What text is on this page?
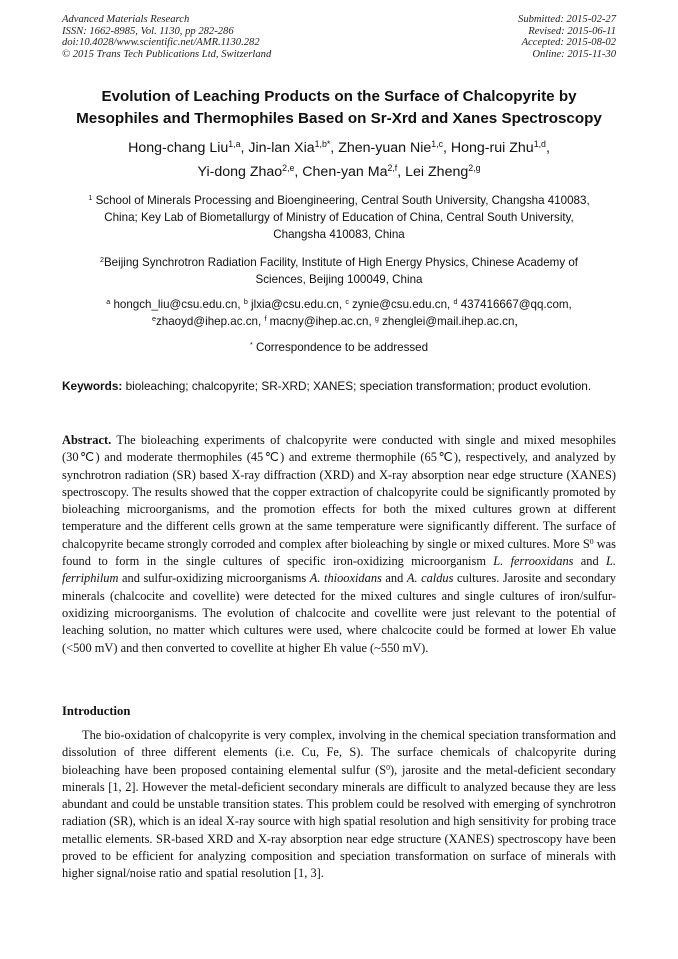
Advanced Materials Research
ISSN: 1662-8985, Vol. 1130, pp 282-286
doi:10.4028/www.scientific.net/AMR.1130.282
© 2015 Trans Tech Publications Ltd, Switzerland
Submitted: 2015-02-27
Revised: 2015-06-11
Accepted: 2015-08-02
Online: 2015-11-30
Evolution of Leaching Products on the Surface of Chalcopyrite by
Mesophiles and Thermophiles Based on Sr-Xrd and Xanes Spectroscopy
Hong-chang Liu$^{1,a}$, Jin-lan Xia$^{1,b*}$, Zhen-yuan Nie$^{1,c}$, Hong-rui Zhu$^{1,d}$,
Yi-dong Zhao$^{2,e}$, Chen-yan Ma$^{2,f}$, Lei Zheng$^{2,g}$
$^1$ School of Minerals Processing and Bioengineering, Central South University, Changsha 410083,
China; Key Lab of Biometallurgy of Ministry of Education of China, Central South University,
Changsha 410083, China
$^2$Beijing Synchrotron Radiation Facility, Institute of High Energy Physics, Chinese Academy of
Sciences, Beijing 100049, China
$^a$ hongch_liu@csu.edu.cn, $^b$ jlxia@csu.edu.cn, $^c$ zynie@csu.edu.cn, $^d$ 437416667@qq.com,
$^e$zhaoyd@ihep.ac.cn, $^f$ macny@ihep.ac.cn, $^g$ zhenglei@mail.ihep.ac.cn，
* Correspondence to be addressed
Keywords: bioleaching; chalcopyrite; SR-XRD; XANES; speciation transformation; product evolution.
Abstract. The bioleaching experiments of chalcopyrite were conducted with single and mixed mesophiles (30℃) and moderate thermophiles (45℃) and extreme thermophile (65℃), respectively, and analyzed by synchrotron radiation (SR) based X-ray diffraction (XRD) and X-ray absorption near edge structure (XANES) spectroscopy. The results showed that the copper extraction of chalcopyrite could be significantly promoted by bioleaching microorganisms, and the promotion effects for both the mixed cultures grown at different temperature and the different cells grown at the same temperature were significantly different. The surface of chalcopyrite became strongly corroded and complex after bioleaching by single or mixed cultures. More $S^0$ was found to form in the single cultures of specific iron-oxidizing microorganism L. ferrooxidans and L. ferriphilum and sulfur-oxidizing microorganisms A. thiooxidans and A. caldus cultures. Jarosite and secondary minerals (chalcocite and covellite) were detected for the mixed cultures and single cultures of iron/sulfur-oxidizing microorganisms. The evolution of chalcocite and covellite were just relevant to the potential of leaching solution, no matter which cultures were used, where chalcocite could be formed at lower Eh value (<500 mV) and then converted to covellite at higher Eh value (~550 mV).
Introduction
The bio-oxidation of chalcopyrite is very complex, involving in the chemical speciation transformation and dissolution of three different elements (i.e. Cu, Fe, S). The surface chemicals of chalcopyrite during bioleaching have been proposed containing elemental sulfur $(S^0)$, jarosite and the metal-deficient secondary minerals [1, 2]. However the metal-deficient secondary minerals are difficult to analyzed because they are less abundant and could be unstable transition states. This problem could be resolved with emerging of synchrotron radiation (SR), which is an ideal X-ray source with high spatial resolution and high sensitivity for probing trace metallic elements. SR-based XRD and X-ray absorption near edge structure (XANES) spectroscopy have been proved to be efficient for analyzing composition and speciation transformation on surface of minerals with higher signal/noise ratio and spatial resolution [1, 3].
